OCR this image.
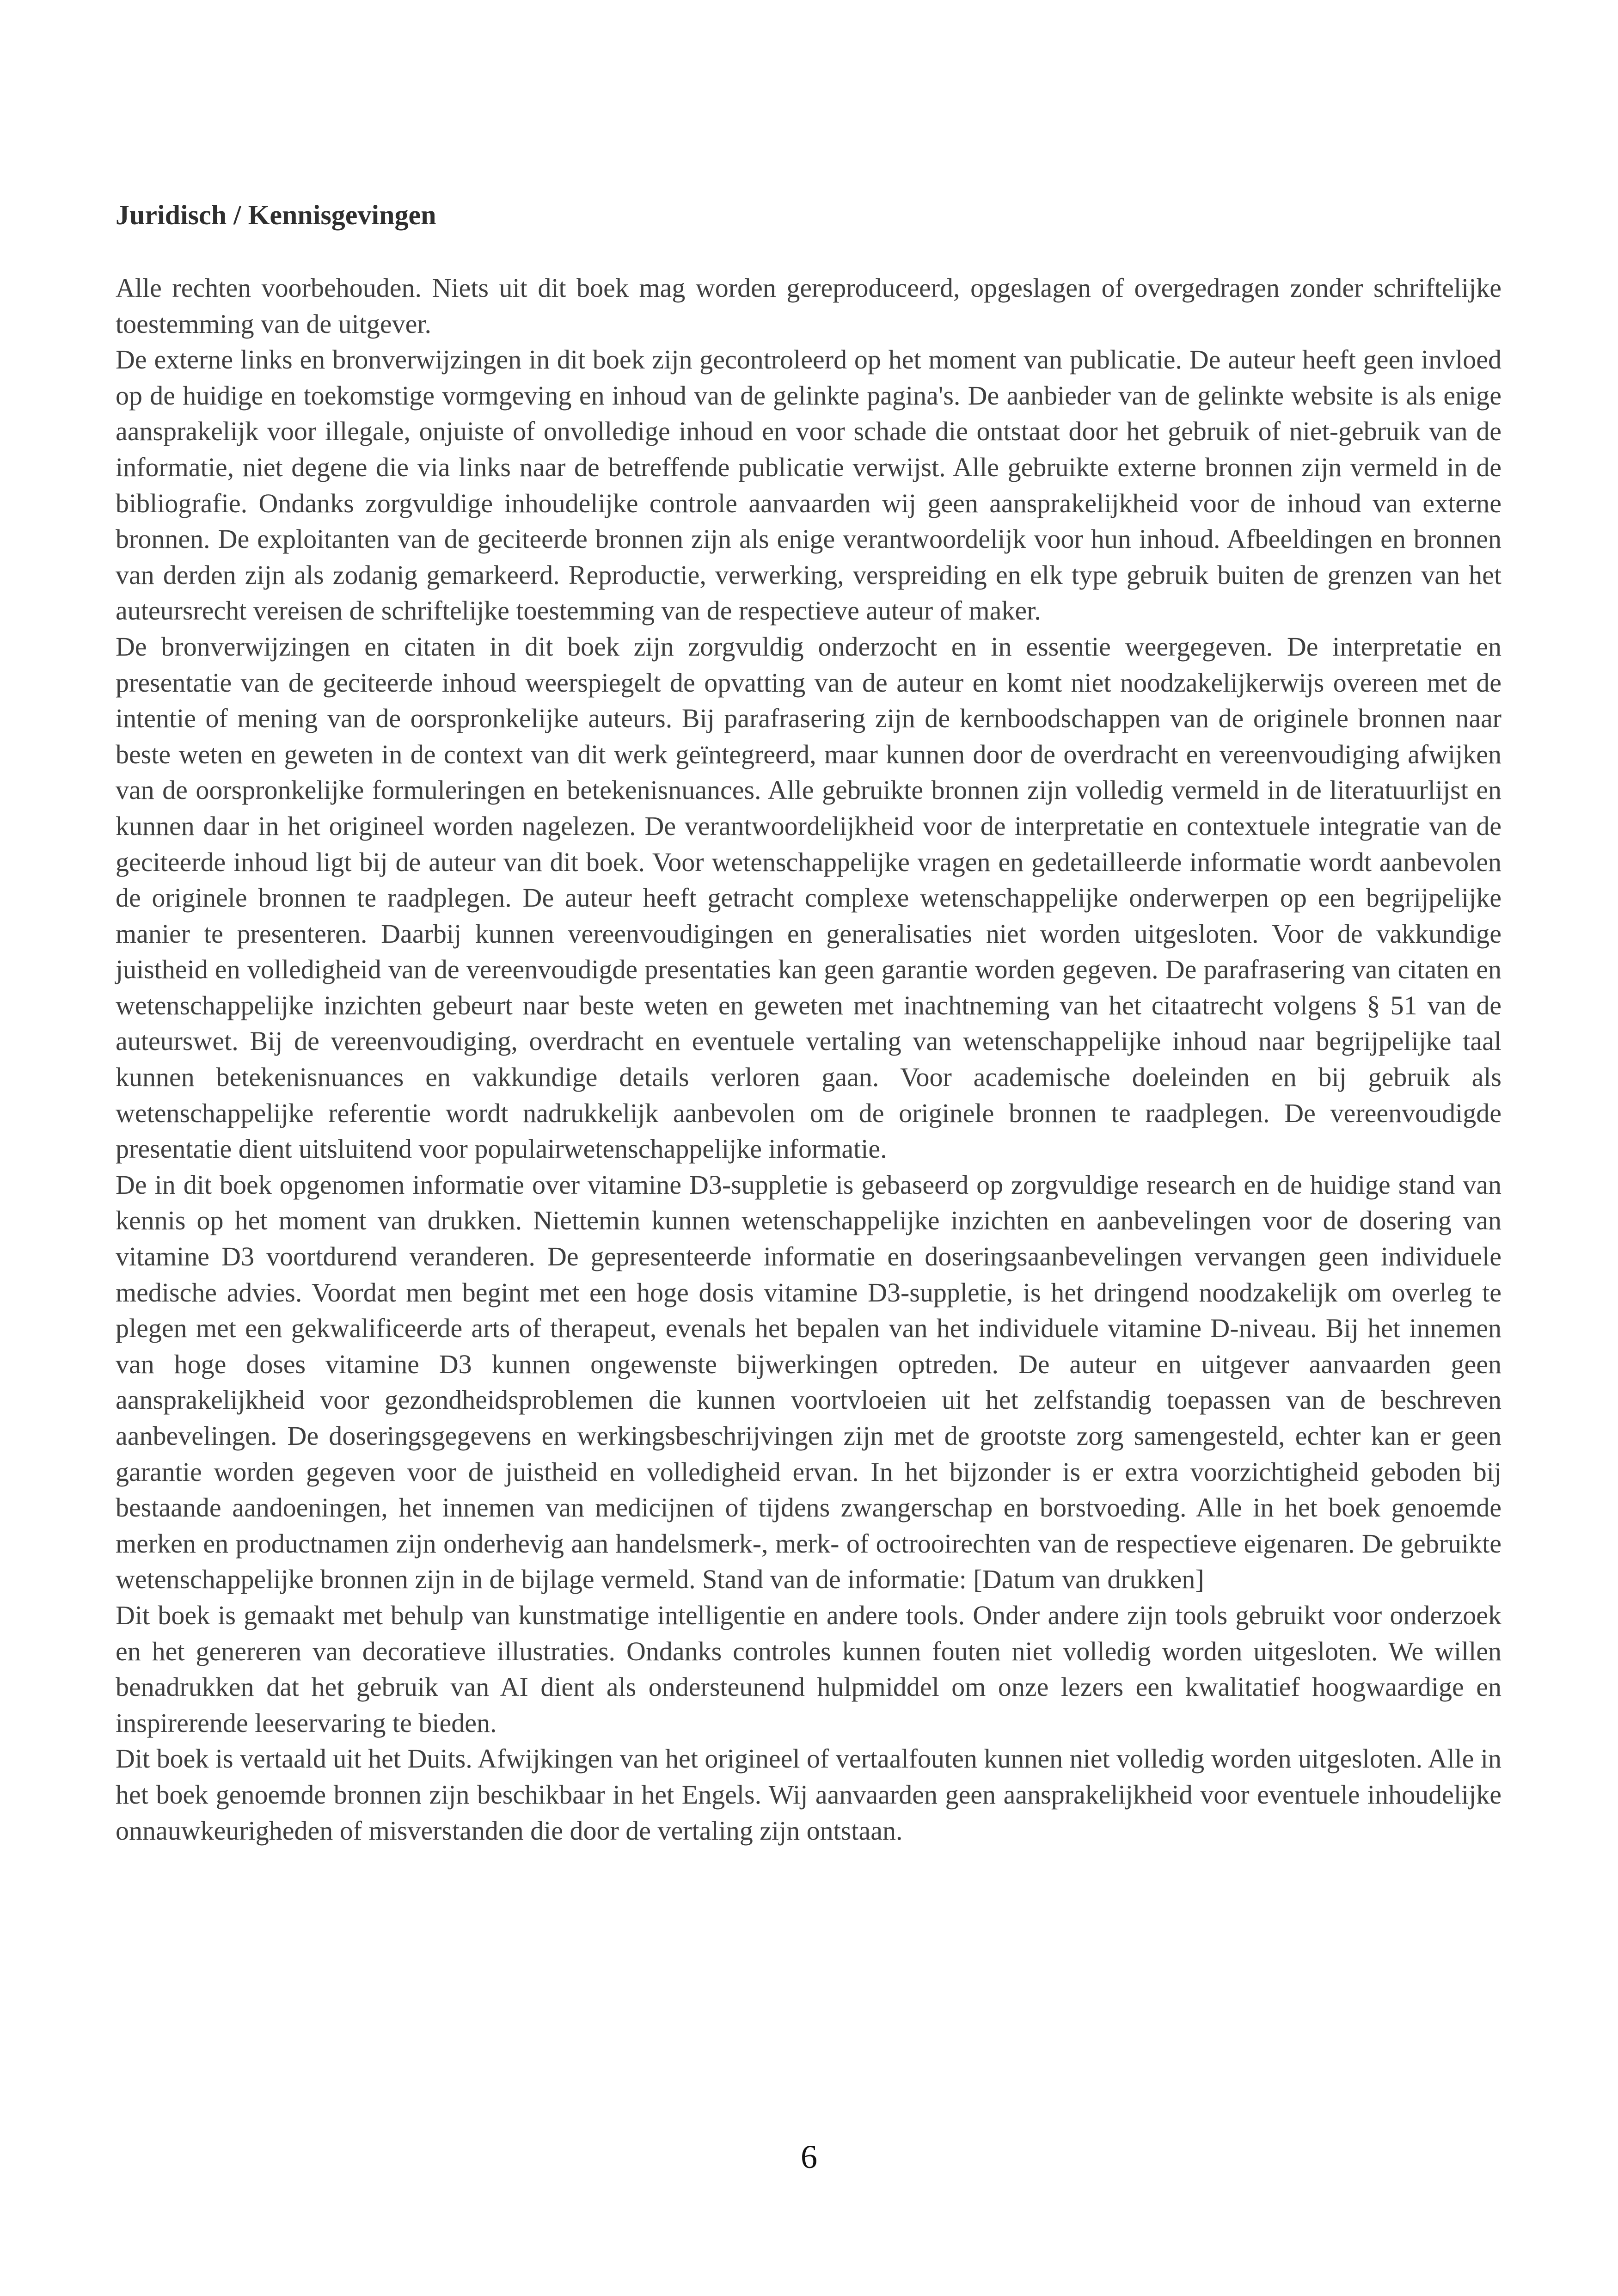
Juridisch / Kennisgevingen

Alle rechten voorbehouden. Niets uit dit boek mag worden gereproduceerd, opgeslagen of overgedragen zonder schriftelijke toestemming van de uitgever.

De externe links en bronverwijzingen in dit boek zijn gecontroleerd op het moment van publicatie. De auteur heeft geen invloed op de huidige en toekomstige vormgeving en inhoud van de gelinkte pagina's. De aanbieder van de gelinkte website is als enige aansprakelijk voor illegale, onjuiste of onvolledige inhoud en voor schade die ontstaat door het gebruik of niet-gebruik van de informatie, niet degene die via links naar de betreffende publicatie verwijst. Alle gebruikte externe bronnen zijn vermeld in de bibliografie. Ondanks zorgvuldige inhoudelijke controle aanvaarden wij geen aansprakelijkheid voor de inhoud van externe bronnen. De exploitanten van de geciteerde bronnen zijn als enige verantwoordelijk voor hun inhoud. Afbeeldingen en bronnen van derden zijn als zodanig gemarkeerd. Reproductie, verwerking, verspreiding en elk type gebruik buiten de grenzen van het auteursrecht vereisen de schriftelijke toestemming van de respectieve auteur of maker.

De bronverwijzingen en citaten in dit boek zijn zorgvuldig onderzocht en in essentie weergegeven. De interpretatie en presentatie van de geciteerde inhoud weerspiegelt de opvatting van de auteur en komt niet noodzakelijkerwijs overeen met de intentie of mening van de oorspronkelijke auteurs. Bij parafrasering zijn de kernboodschappen van de originele bronnen naar beste weten en geweten in de context van dit werk geïntegreerd, maar kunnen door de overdracht en vereenvoudiging afwijken van de oorspronkelijke formuleringen en betekenisnuances. Alle gebruikte bronnen zijn volledig vermeld in de literatuurlijst en kunnen daar in het origineel worden nagelezen. De verantwoordelijkheid voor de interpretatie en contextuele integratie van de geciteerde inhoud ligt bij de auteur van dit boek. Voor wetenschappelijke vragen en gedetailleerde informatie wordt aanbevolen de originele bronnen te raadplegen. De auteur heeft getracht complexe wetenschappelijke onderwerpen op een begrijpelijke manier te presenteren. Daarbij kunnen vereenvoudigingen en generalisaties niet worden uitgesloten. Voor de vakkundige juistheid en volledigheid van de vereenvoudigde presentaties kan geen garantie worden gegeven. De parafrasering van citaten en wetenschappelijke inzichten gebeurt naar beste weten en geweten met inachtneming van het citaatrecht volgens § 51 van de auteurswet. Bij de vereenvoudiging, overdracht en eventuele vertaling van wetenschappelijke inhoud naar begrijpelijke taal kunnen betekenisnuances en vakkundige details verloren gaan. Voor academische doeleinden en bij gebruik als wetenschappelijke referentie wordt nadrukkelijk aanbevolen om de originele bronnen te raadplegen. De vereenvoudigde presentatie dient uitsluitend voor populairwetenschappelijke informatie.

De in dit boek opgenomen informatie over vitamine D3-suppletie is gebaseerd op zorgvuldige research en de huidige stand van kennis op het moment van drukken. Niettemin kunnen wetenschappelijke inzichten en aanbevelingen voor de dosering van vitamine D3 voortdurend veranderen. De gepresenteerde informatie en doseringsaanbevelingen vervangen geen individuele medische advies. Voordat men begint met een hoge dosis vitamine D3-suppletie, is het dringend noodzakelijk om overleg te plegen met een gekwalificeerde arts of therapeut, evenals het bepalen van het individuele vitamine D-niveau. Bij het innemen van hoge doses vitamine D3 kunnen ongewenste bijwerkingen optreden. De auteur en uitgever aanvaarden geen aansprakelijkheid voor gezondheidsproblemen die kunnen voortvloeien uit het zelfstandig toepassen van de beschreven aanbevelingen. De doseringsgegevens en werkingsbeschrijvingen zijn met de grootste zorg samengesteld, echter kan er geen garantie worden gegeven voor de juistheid en volledigheid ervan. In het bijzonder is er extra voorzichtigheid geboden bij bestaande aandoeningen, het innemen van medicijnen of tijdens zwangerschap en borstvoeding. Alle in het boek genoemde merken en productnamen zijn onderhevig aan handelsmerk-, merk- of octrooirechten van de respectieve eigenaren. De gebruikte wetenschappelijke bronnen zijn in de bijlage vermeld. Stand van de informatie: [Datum van drukken]

Dit boek is gemaakt met behulp van kunstmatige intelligentie en andere tools. Onder andere zijn tools gebruikt voor onderzoek en het genereren van decoratieve illustraties. Ondanks controles kunnen fouten niet volledig worden uitgesloten. We willen benadrukken dat het gebruik van AI dient als ondersteunend hulpmiddel om onze lezers een kwalitatief hoogwaardige en inspirerende leeservaring te bieden.

Dit boek is vertaald uit het Duits. Afwijkingen van het origineel of vertaalfouten kunnen niet volledig worden uitgesloten. Alle in het boek genoemde bronnen zijn beschikbaar in het Engels. Wij aanvaarden geen aansprakelijkheid voor eventuele inhoudelijke onnauwkeurigheden of misverstanden die door de vertaling zijn ontstaan.

6
